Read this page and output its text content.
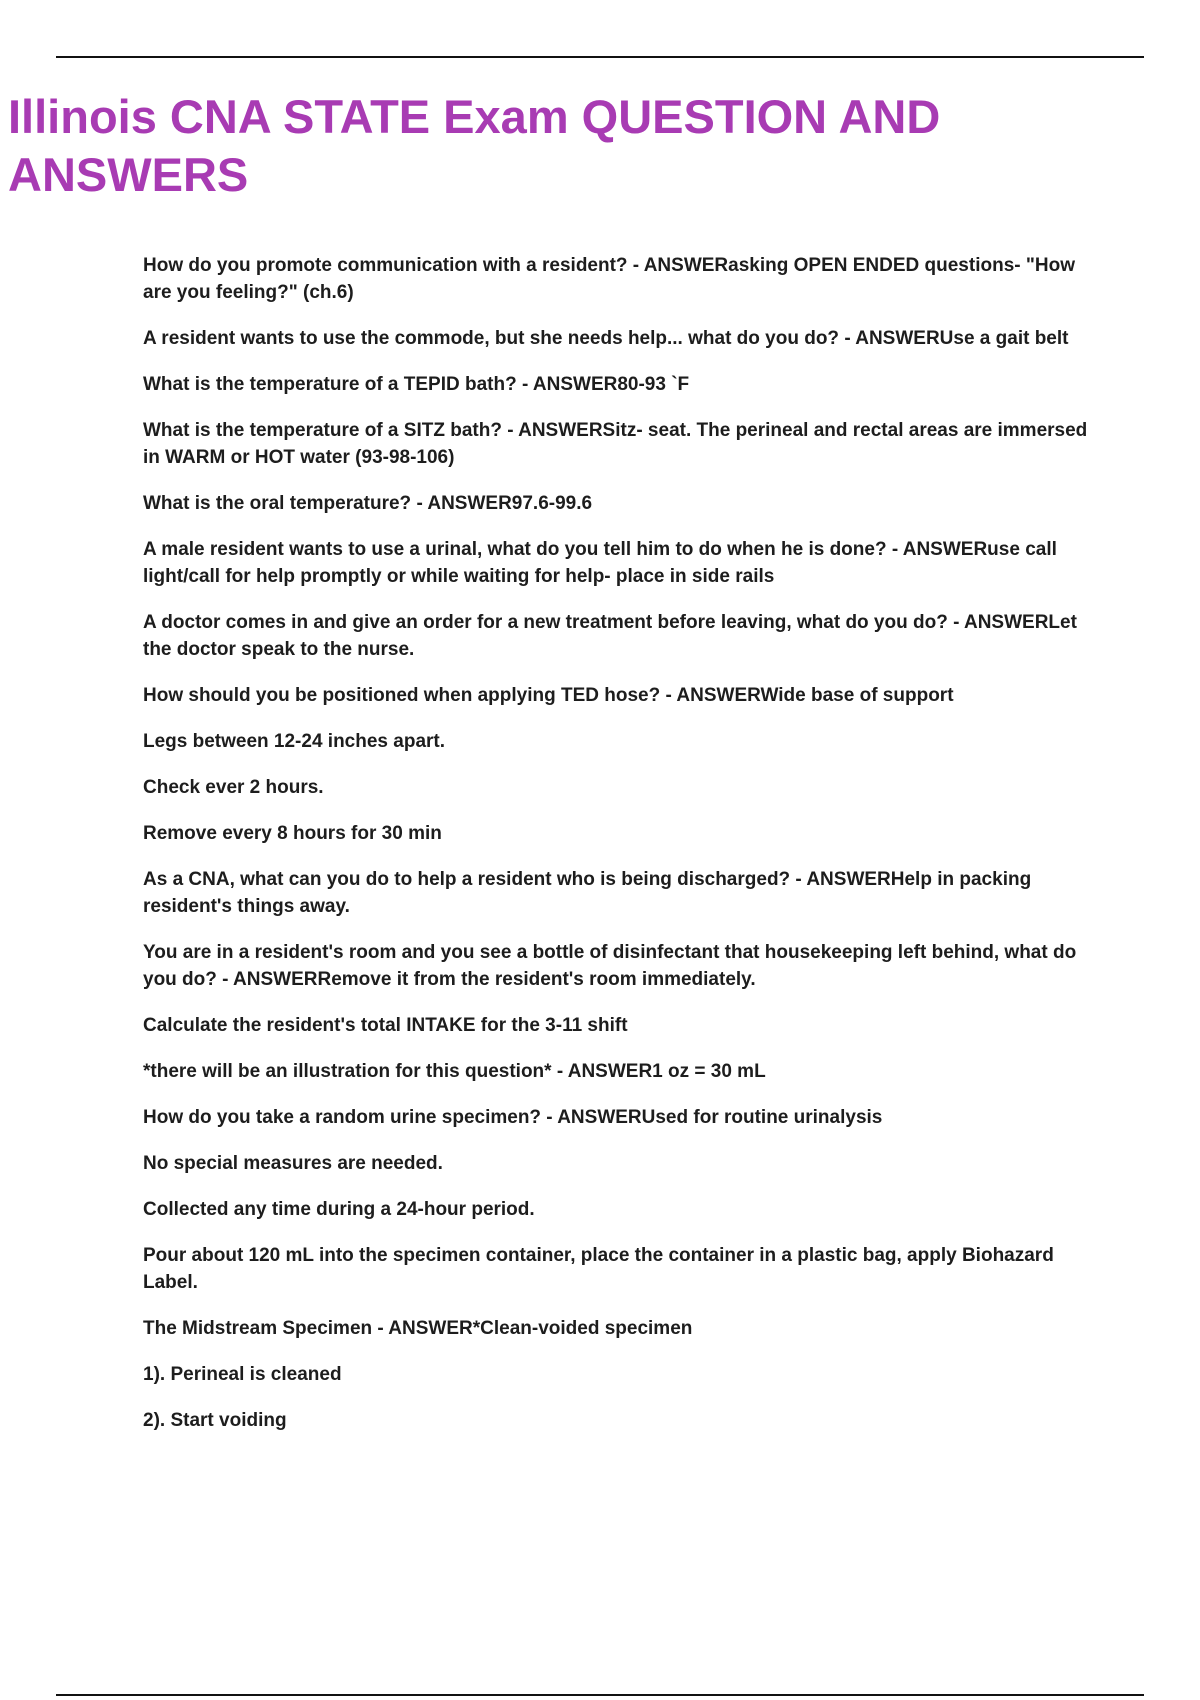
Illinois CNA STATE Exam QUESTION AND ANSWERS

How do you promote communication with a resident? - ANSWERasking OPEN ENDED questions- "How are you feeling?" (ch.6)

A resident wants to use the commode, but she needs help... what do you do? - ANSWERUse a gait belt

What is the temperature of a TEPID bath? - ANSWER80-93 `F

What is the temperature of a SITZ bath? - ANSWERSitz- seat. The perineal and rectal areas are immersed in WARM or HOT water (93-98-106)

What is the oral temperature? - ANSWER97.6-99.6

A male resident wants to use a urinal, what do you tell him to do when he is done? - ANSWERuse call light/call for help promptly or while waiting for help- place in side rails

A doctor comes in and give an order for a new treatment before leaving, what do you do? - ANSWERLet the doctor speak to the nurse.

How should you be positioned when applying TED hose? - ANSWERWide base of support

Legs between 12-24 inches apart.

Check ever 2 hours.

Remove every 8 hours for 30 min

As a CNA, what can you do to help a resident who is being discharged? - ANSWERHelp in packing resident's things away.

You are in a resident's room and you see a bottle of disinfectant that housekeeping left behind, what do you do? - ANSWERRemove it from the resident's room immediately.

Calculate the resident's total INTAKE for the 3-11 shift

*there will be an illustration for this question* - ANSWER1 oz = 30 mL

How do you take a random urine specimen? - ANSWERUsed for routine urinalysis

No special measures are needed.

Collected any time during a 24-hour period.

Pour about 120 mL into the specimen container, place the container in a plastic bag, apply Biohazard Label.

The Midstream Specimen - ANSWER*Clean-voided specimen

1). Perineal is cleaned

2). Start voiding
